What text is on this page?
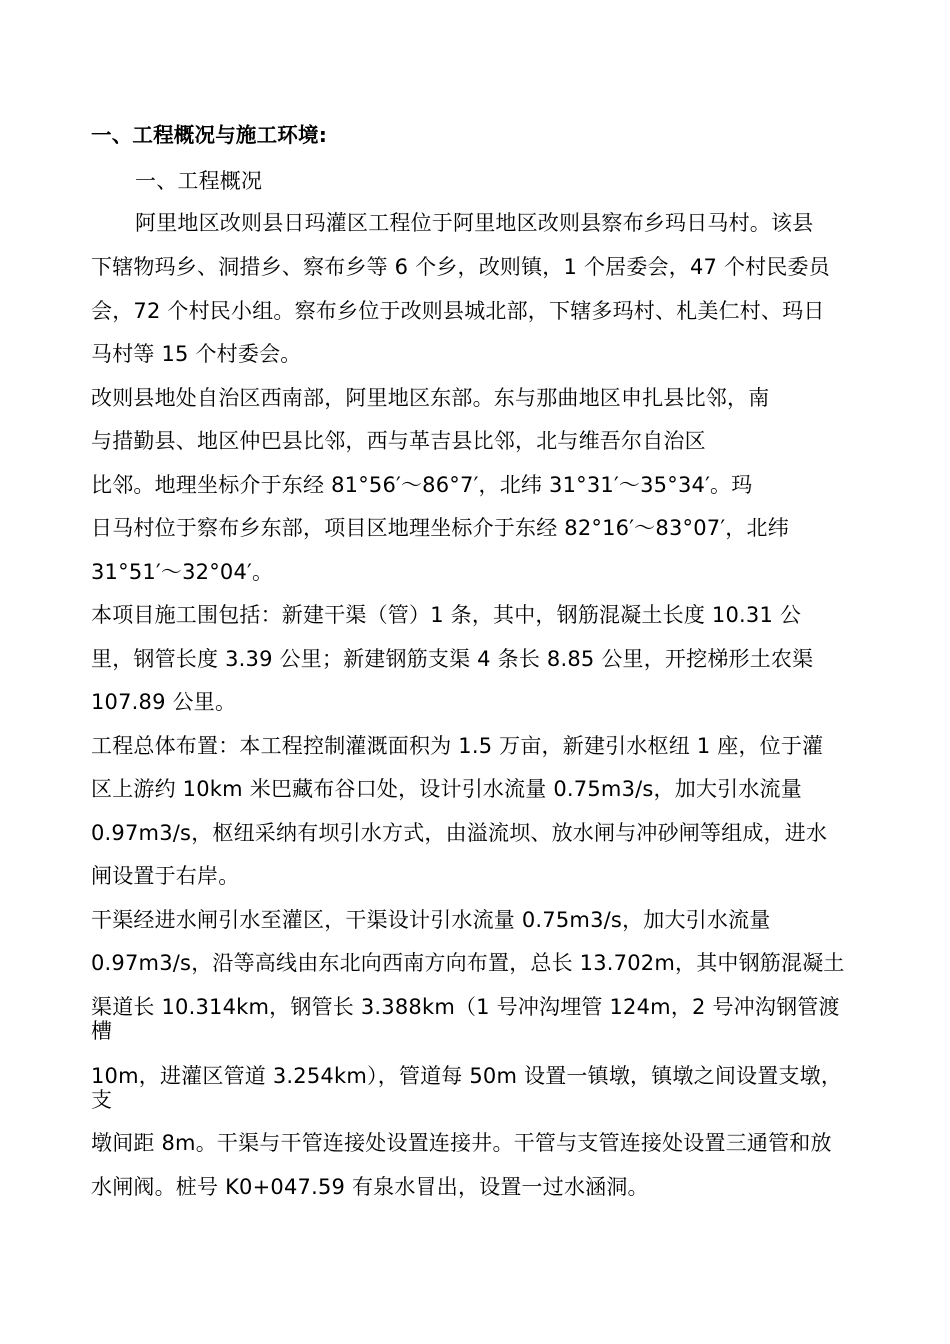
一、工程概况与施工环境:
一、工程概况
阿里地区改则县日玛灌区工程位于阿里地区改则县察布乡玛日马村。该县
下辖物玛乡、洞措乡、察布乡等 6 个乡，改则镇，1 个居委会，47 个村民委员
会，72 个村民小组。察布乡位于改则县城北部，下辖多玛村、札美仁村、玛日
马村等 15 个村委会。
改则县地处自治区西南部，阿里地区东部。东与那曲地区申扎县比邻，南
与措勤县、地区仲巴县比邻，西与革吉县比邻，北与维吾尔自治区
比邻。地理坐标介于东经 81°56′～86°7′，北纬 31°31′～35°34′。玛
日马村位于察布乡东部，项目区地理坐标介于东经 82°16′～83°07′，北纬
31°51′～32°04′。
本项目施工围包括：新建干渠（管）1 条，其中，钢筋混凝土长度 10.31 公
里，钢管长度 3.39 公里；新建钢筋支渠 4 条长 8.85 公里，开挖梯形土农渠
107.89 公里。
工程总体布置：本工程控制灌溉面积为 1.5 万亩，新建引水枢纽 1 座，位于灌
区上游约 10km 米巴藏布谷口处，设计引水流量 0.75m3/s，加大引水流量
0.97m3/s，枢纽采纳有坝引水方式，由溢流坝、放水闸与冲砂闸等组成，进水
闸设置于右岸。
干渠经进水闸引水至灌区，干渠设计引水流量 0.75m3/s，加大引水流量
0.97m3/s，沿等高线由东北向西南方向布置，总长 13.702m，其中钢筋混凝土
渠道长 10.314km，钢管长 3.388km（1 号冲沟埋管 124m，2 号冲沟钢管渡
槽
10m，进灌区管道 3.254km），管道每 50m 设置一镇墩，镇墩之间设置支墩，
支
墩间距 8m。干渠与干管连接处设置连接井。干管与支管连接处设置三通管和放
水闸阀。桩号 K0+047.59 有泉水冒出，设置一过水涵洞。
